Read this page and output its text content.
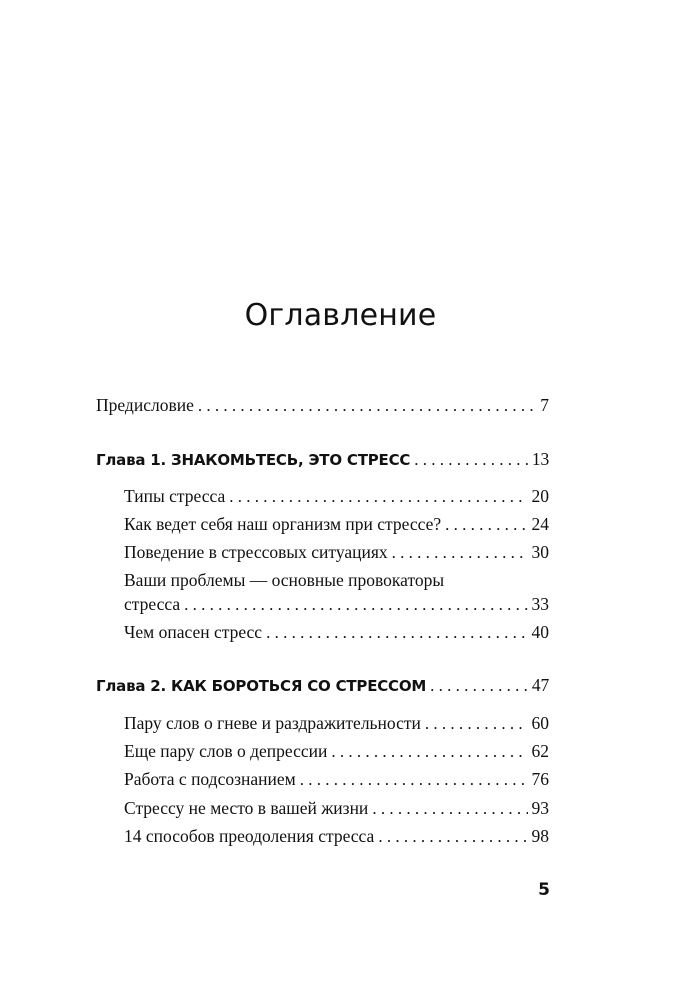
Оглавление
Предисловие . . .	7
Глава 1. ЗНАКОМЬТЕСЬ, ЭТО СТРЕСС . . .	13
Типы стресса . . .	20
Как ведет себя наш организм при стрессе? . . .	24
Поведение в стрессовых ситуациях . . .	30
Ваши проблемы — основные провокаторы
стресса . . .	33
Чем опасен стресс . . .	40
Глава 2. КАК БОРОТЬСЯ СО СТРЕССОМ . . .	47
Пару слов о гневе и раздражительности . . .	60
Еще пару слов о депрессии . . .	62
Работа с подсознанием . . .	76
Стрессу не место в вашей жизни . . .	93
14 способов преодоления стресса . . .	98
5
